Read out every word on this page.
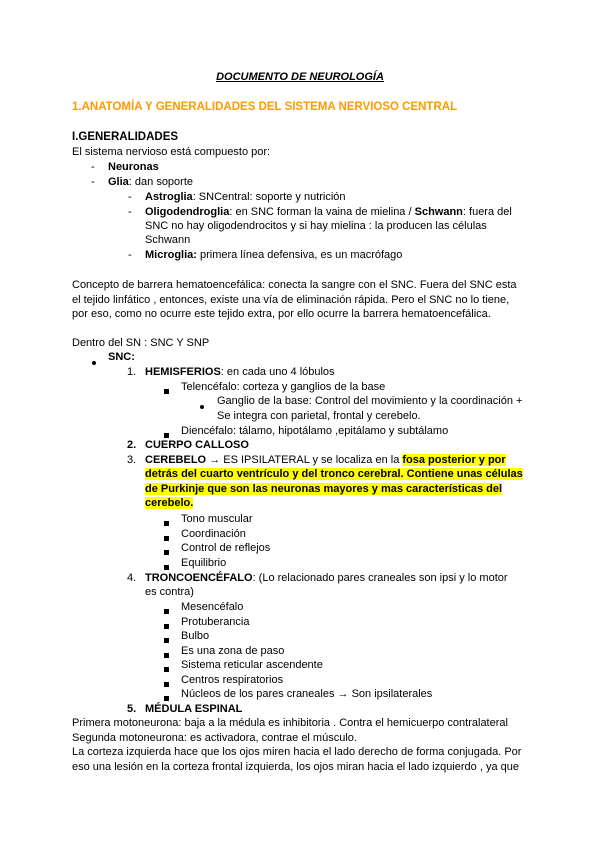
DOCUMENTO DE NEUROLOGÍA
1.ANATOMÍA Y GENERALIDADES DEL SISTEMA NERVIOSO CENTRAL
I.GENERALIDADES
El sistema nervioso está compuesto por:
- Neuronas
- Glia: dan soporte
- Astroglia: SNCentral: soporte y nutrición
- Oligodendroglia: en SNC forman la vaina de mielina / Schwann: fuera del
SNC no hay oligodendrocitos y si hay mielina : la producen las células
Schwann
- Microglia: primera línea defensiva, es un macrófago
Concepto de barrera hematoencefálica: conecta la sangre con el SNC. Fuera del SNC esta
el tejido linfático , entonces, existe una vía de eliminación rápida. Pero el SNC no lo tiene,
por eso, como no ocurre este tejido extra, por ello ocurre la barrera hematoencefálica.
Dentro del SN : SNC Y SNP
SNC:
1. HEMISFERIOS: en cada uno 4 lóbulos
Telencéfalo: corteza y ganglios de la base
Ganglio de la base: Control del movimiento y la coordinación +
Se integra con parietal, frontal y cerebelo.
Diencéfalo: tálamo, hipotálamo ,epitálamo y subtálamo
2. CUERPO CALLOSO
3. CEREBELO → ES IPSILATERAL y se localiza en la fosa posterior y por
detrás del cuarto ventrículo y del tronco cerebral. Contiene unas células
de Purkinje que son las neuronas mayores y mas características del
cerebelo.
Tono muscular
Coordinación
Control de reflejos
Equilibrio
4. TRONCOENCÉFALO: (Lo relacionado pares craneales son ipsi y lo motor
es contra)
Mesencéfalo
Protuberancia
Bulbo
Es una zona de paso
Sistema reticular ascendente
Centros respiratorios
Núcleos de los pares craneales → Son ipsilaterales
5. MÉDULA ESPINAL
Primera motoneurona: baja a la médula es inhibitoria . Contra el hemicuerpo contralateral
Segunda motoneurona: es activadora, contrae el músculo.
La corteza izquierda hace que los ojos miren hacia el lado derecho de forma conjugada. Por
eso una lesión en la corteza frontal izquierda, los ojos miran hacia el lado izquierdo , ya que
